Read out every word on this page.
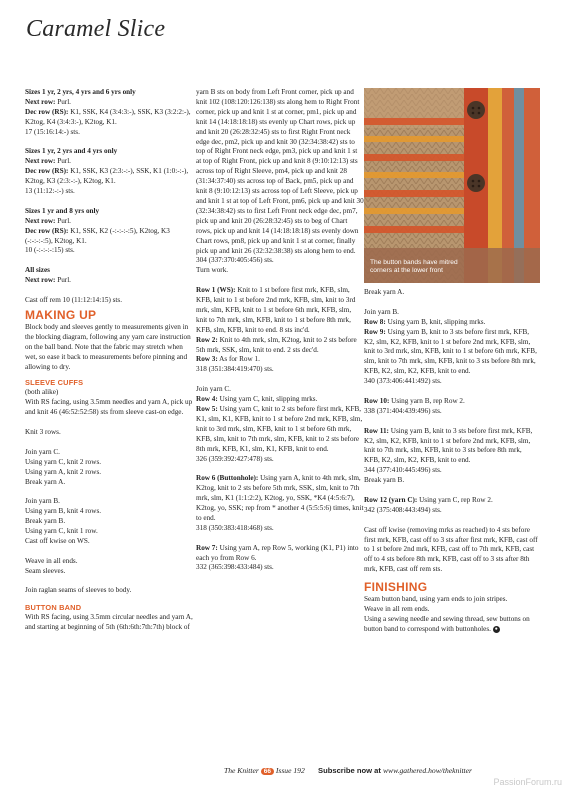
Caramel Slice

Sizes 1 yr, 2 yrs, 4 yrs and 6 yrs only

Next row: Purl.

Dec row (RS): K1, SSK, K4 (3:4:3:-), SSK, K3 (3:2:2:-), K2tog, K4 (3:4:3:-), K2tog, K1.

17 (15:16:14:-) sts.

Sizes 1 yr, 2 yrs and 4 yrs only

Next row: Purl.

Dec row (RS): K1, SSK, K3 (2:3:-:-), SSK, K1 (1:0:-:-), K2tog, K3 (2:3:-:-), K2tog, K1.

13 (11:12:-:-) sts.

Sizes 1 yr and 8 yrs only

Next row: Purl.

Dec row (RS): K1, SSK, K2 (-:-:-:-:5), K2tog, K3 (-:-:-:-:5), K2tog, K1.

10 (-:-:-:-:15) sts.

All sizes

Next row: Purl.

Cast off rem 10 (11:12:14:15) sts.

MAKING UP

Block body and sleeves gently to measurements given in the blocking diagram, following any yarn care instruction on the ball band. Note that the fabric may stretch when wet, so ease it back to measurements before pinning and allowing to dry.

SLEEVE CUFFS

(both alike)

With RS facing, using 3.5mm needles and yarn A, pick up and knit 46 (46:52:52:58) sts from sleeve cast-on edge.

Knit 3 rows.

Join yarn C.

Using yarn C, knit 2 rows.

Using yarn A, knit 2 rows.

Break yarn A.

Join yarn B.

Using yarn B, knit 4 rows.

Break yarn B.

Using yarn C, knit 1 row.

Cast off kwise on WS.

Weave in all ends.

Seam sleeves.

Join raglan seams of sleeves to body.

BUTTON BAND

With RS facing, using 3.5mm circular needles and yarn A, and starting at beginning of 5th (6th:6th:7th:7th) block of

yarn B sts on body from Left Front corner, pick up and knit 102 (108:120:126:138) sts along hem to Right Front corner, pick up and knit 1 st at corner, pm1, pick up and knit 14 (14:18:18:18) sts evenly up Chart rows, pick up and knit 20 (26:28:32:45) sts to first Right Front neck edge dec, pm2, pick up and knit 30 (32:34:38:42) sts to top of Right Front neck edge, pm3, pick up and knit 1 st at top of Right Front, pick up and knit 8 (9:10:12:13) sts across top of Right Sleeve, pm4, pick up and knit 28 (31:34:37:40) sts across top of Back, pm5, pick up and knit 8 (9:10:12:13) sts across top of Left Sleeve, pick up and knit 1 st at top of Left Front, pm6, pick up and knit 30 (32:34:38:42) sts to first Left Front neck edge dec, pm7, pick up and knit 20 (26:28:32:45) sts to beg of Chart rows, pick up and knit 14 (14:18:18:18) sts evenly down Chart rows, pm8, pick up and knit 1 st at corner, finally pick up and knit 26 (32:32:38:38) sts along hem to end.

304 (337:370:405:456) sts.

Turn work.

Row 1 (WS): Knit to 1 st before first mrk, KFB, slm, KFB, knit to 1 st before 2nd mrk, KFB, slm, knit to 3rd mrk, slm, KFB, knit to 1 st before 6th mrk, KFB, slm, knit to 7th mrk, slm, KFB, knit to 1 st before 8th mrk, KFB, slm, KFB, knit to end. 8 sts inc'd.

Row 2: Knit to 4th mrk, slm, K2tog, knit to 2 sts before 5th mrk, SSK, slm, knit to end. 2 sts dec'd.

Row 3: As for Row 1.

318 (351:384:419:470) sts.

Join yarn C.

Row 4: Using yarn C, knit, slipping mrks.

Row 5: Using yarn C, knit to 2 sts before first mrk, KFB, K1, slm, K1, KFB, knit to 1 st before 2nd mrk, KFB, slm, knit to 3rd mrk, slm, KFB, knit to 1 st before 6th mrk, KFB, slm, knit to 7th mrk, slm, KFB, knit to 2 sts before 8th mrk, KFB, K1, slm, K1, KFB, knit to end.

326 (359:392:427:478) sts.

Row 6 (Buttonhole): Using yarn A, knit to 4th mrk, slm, K2tog, knit to 2 sts before 5th mrk, SSK, slm, knit to 7th mrk, slm, K1 (1:1:2:2), K2tog, yo, SSK, *K4 (4:5:6:7), K2tog, yo, SSK; rep from * another 4 (5:5:5:6) times, knit to end.

318 (350:383:418:468) sts.

Row 7: Using yarn A, rep Row 5, working (K1, P1) into each yo from Row 6.

332 (365:398:433:484) sts.

The button bands have mitred corners at the lower front

Break yarn A.

Join yarn B.

Row 8: Using yarn B, knit, slipping mrks.

Row 9: Using yarn B, knit to 3 sts before first mrk, KFB, K2, slm, K2, KFB, knit to 1 st before 2nd mrk, KFB, slm, knit to 3rd mrk, slm, KFB, knit to 1 st before 6th mrk, KFB, slm, knit to 7th mrk, slm, KFB, knit to 3 sts before 8th mrk, KFB, K2, slm, K2, KFB, knit to end.

340 (373:406:441:492) sts.

Row 10: Using yarn B, rep Row 2.

338 (371:404:439:496) sts.

Row 11: Using yarn B, knit to 3 sts before first mrk, KFB, K2, slm, K2, KFB, knit to 1 st before 2nd mrk, KFB, slm, knit to 7th mrk, slm, KFB, knit to 3 sts before 8th mrk, KFB, K2, slm, K2, KFB, knit to end.

344 (377:410:445:496) sts.

Break yarn B.

Row 12 (yarn C): Using yarn C, rep Row 2.

342 (375:408:443:494) sts.

Cast off kwise (removing mrks as reached) to 4 sts before first mrk, KFB, cast off to 3 sts after first mrk, KFB, cast off to 1 st before 2nd mrk, KFB, cast off to 7th mrk, KFB, cast off to 4 sts before 8th mrk, KFB, cast off to 3 sts after 8th mrk, KFB, cast off rem sts.

FINISHING

Seam button band, using yarn ends to join stripes.

Weave in all rem ends.

Using a sewing needle and sewing thread, sew buttons on button band to correspond with buttonholes. ●

The Knitter 66 Issue 192 Subscribe now at www.gathered.how/theknitter
PassionForum.ru
